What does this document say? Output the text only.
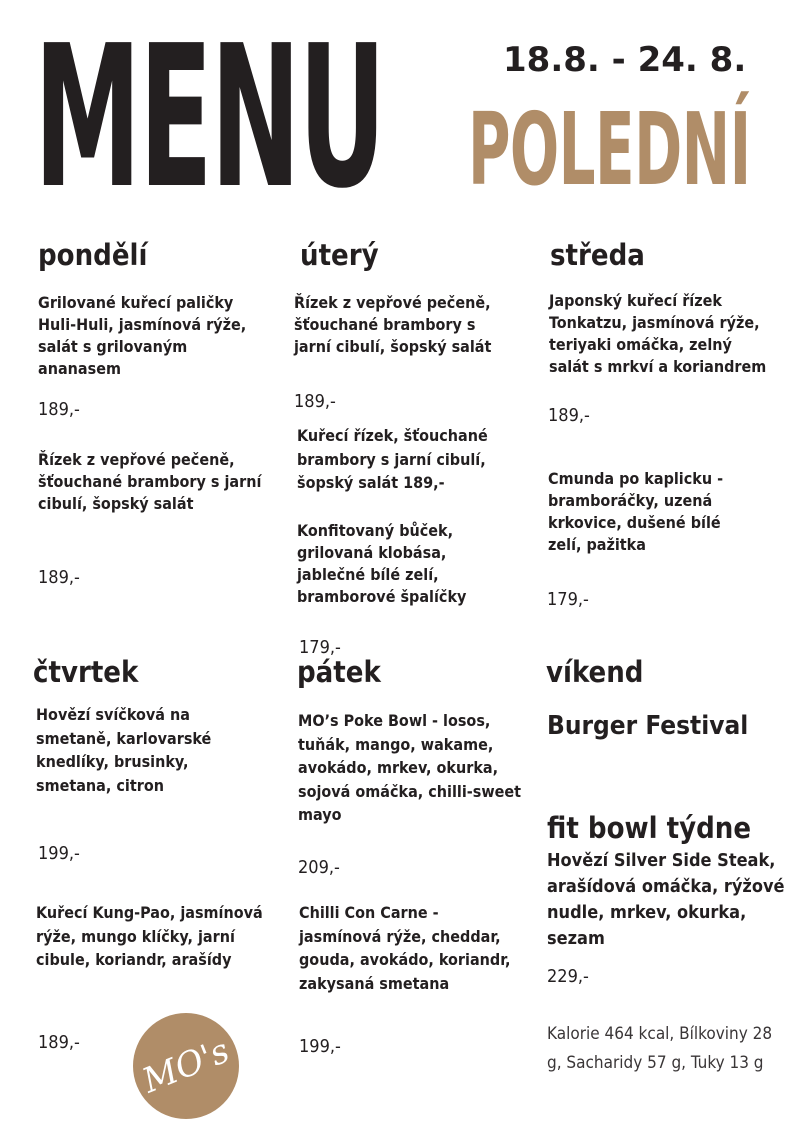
MENU	18.8. - 24. 8.
POLEDNÍ
pondělí
Grilované kuřecí paličky Huli-Huli, jasmínová rýže, salát s grilovaným ananasem
189,-
Řízek z vepřové pečeně, šťouchané brambory s jarní cibulí, šopský salát
189,-
úterý
Řízek z vepřové pečeně, šťouchané brambory s jarní cibulí, šopský salát
189,-
Kuřecí řízek, šťouchané brambory s jarní cibulí, šopský salát 189,-
Konfitovaný bůček, grilovaná klobása, jablečné bílé zelí, bramborové špalíčky
179,-
středa
Japonský kuřecí řízek Tonkatzu, jasmínová rýže, teriyaki omáčka, zelný salát s mrkví a koriandrem
189,-
Cmunda po kaplicku - bramboráčky, uzená krkovice, dušené bílé zelí, pažitka
179,-
čtvrtek
Hovězí svíčková na smetaně, karlovarské knedlíky, brusinky, smetana, citron
199,-
Kuřecí Kung-Pao, jasmínová rýže, mungo klíčky, jarní cibule, koriandr, arašídy
189,-
pátek
MO’s Poke Bowl - losos, tuňák, mango, wakame, avokádo, mrkev, okurka, sojová omáčka, chilli-sweet mayo
209,-
Chilli Con Carne - jasmínová rýže, cheddar, gouda, avokádo, koriandr, zakysaná smetana
199,-
víkend
Burger Festival
fit bowl týdne
Hovězí Silver Side Steak, arašídová omáčka, rýžové nudle, mrkev, okurka, sezam
229,-
Kalorie 464 kcal, Bílkoviny 28 g, Sacharidy 57 g, Tuky 13 g
MO's
